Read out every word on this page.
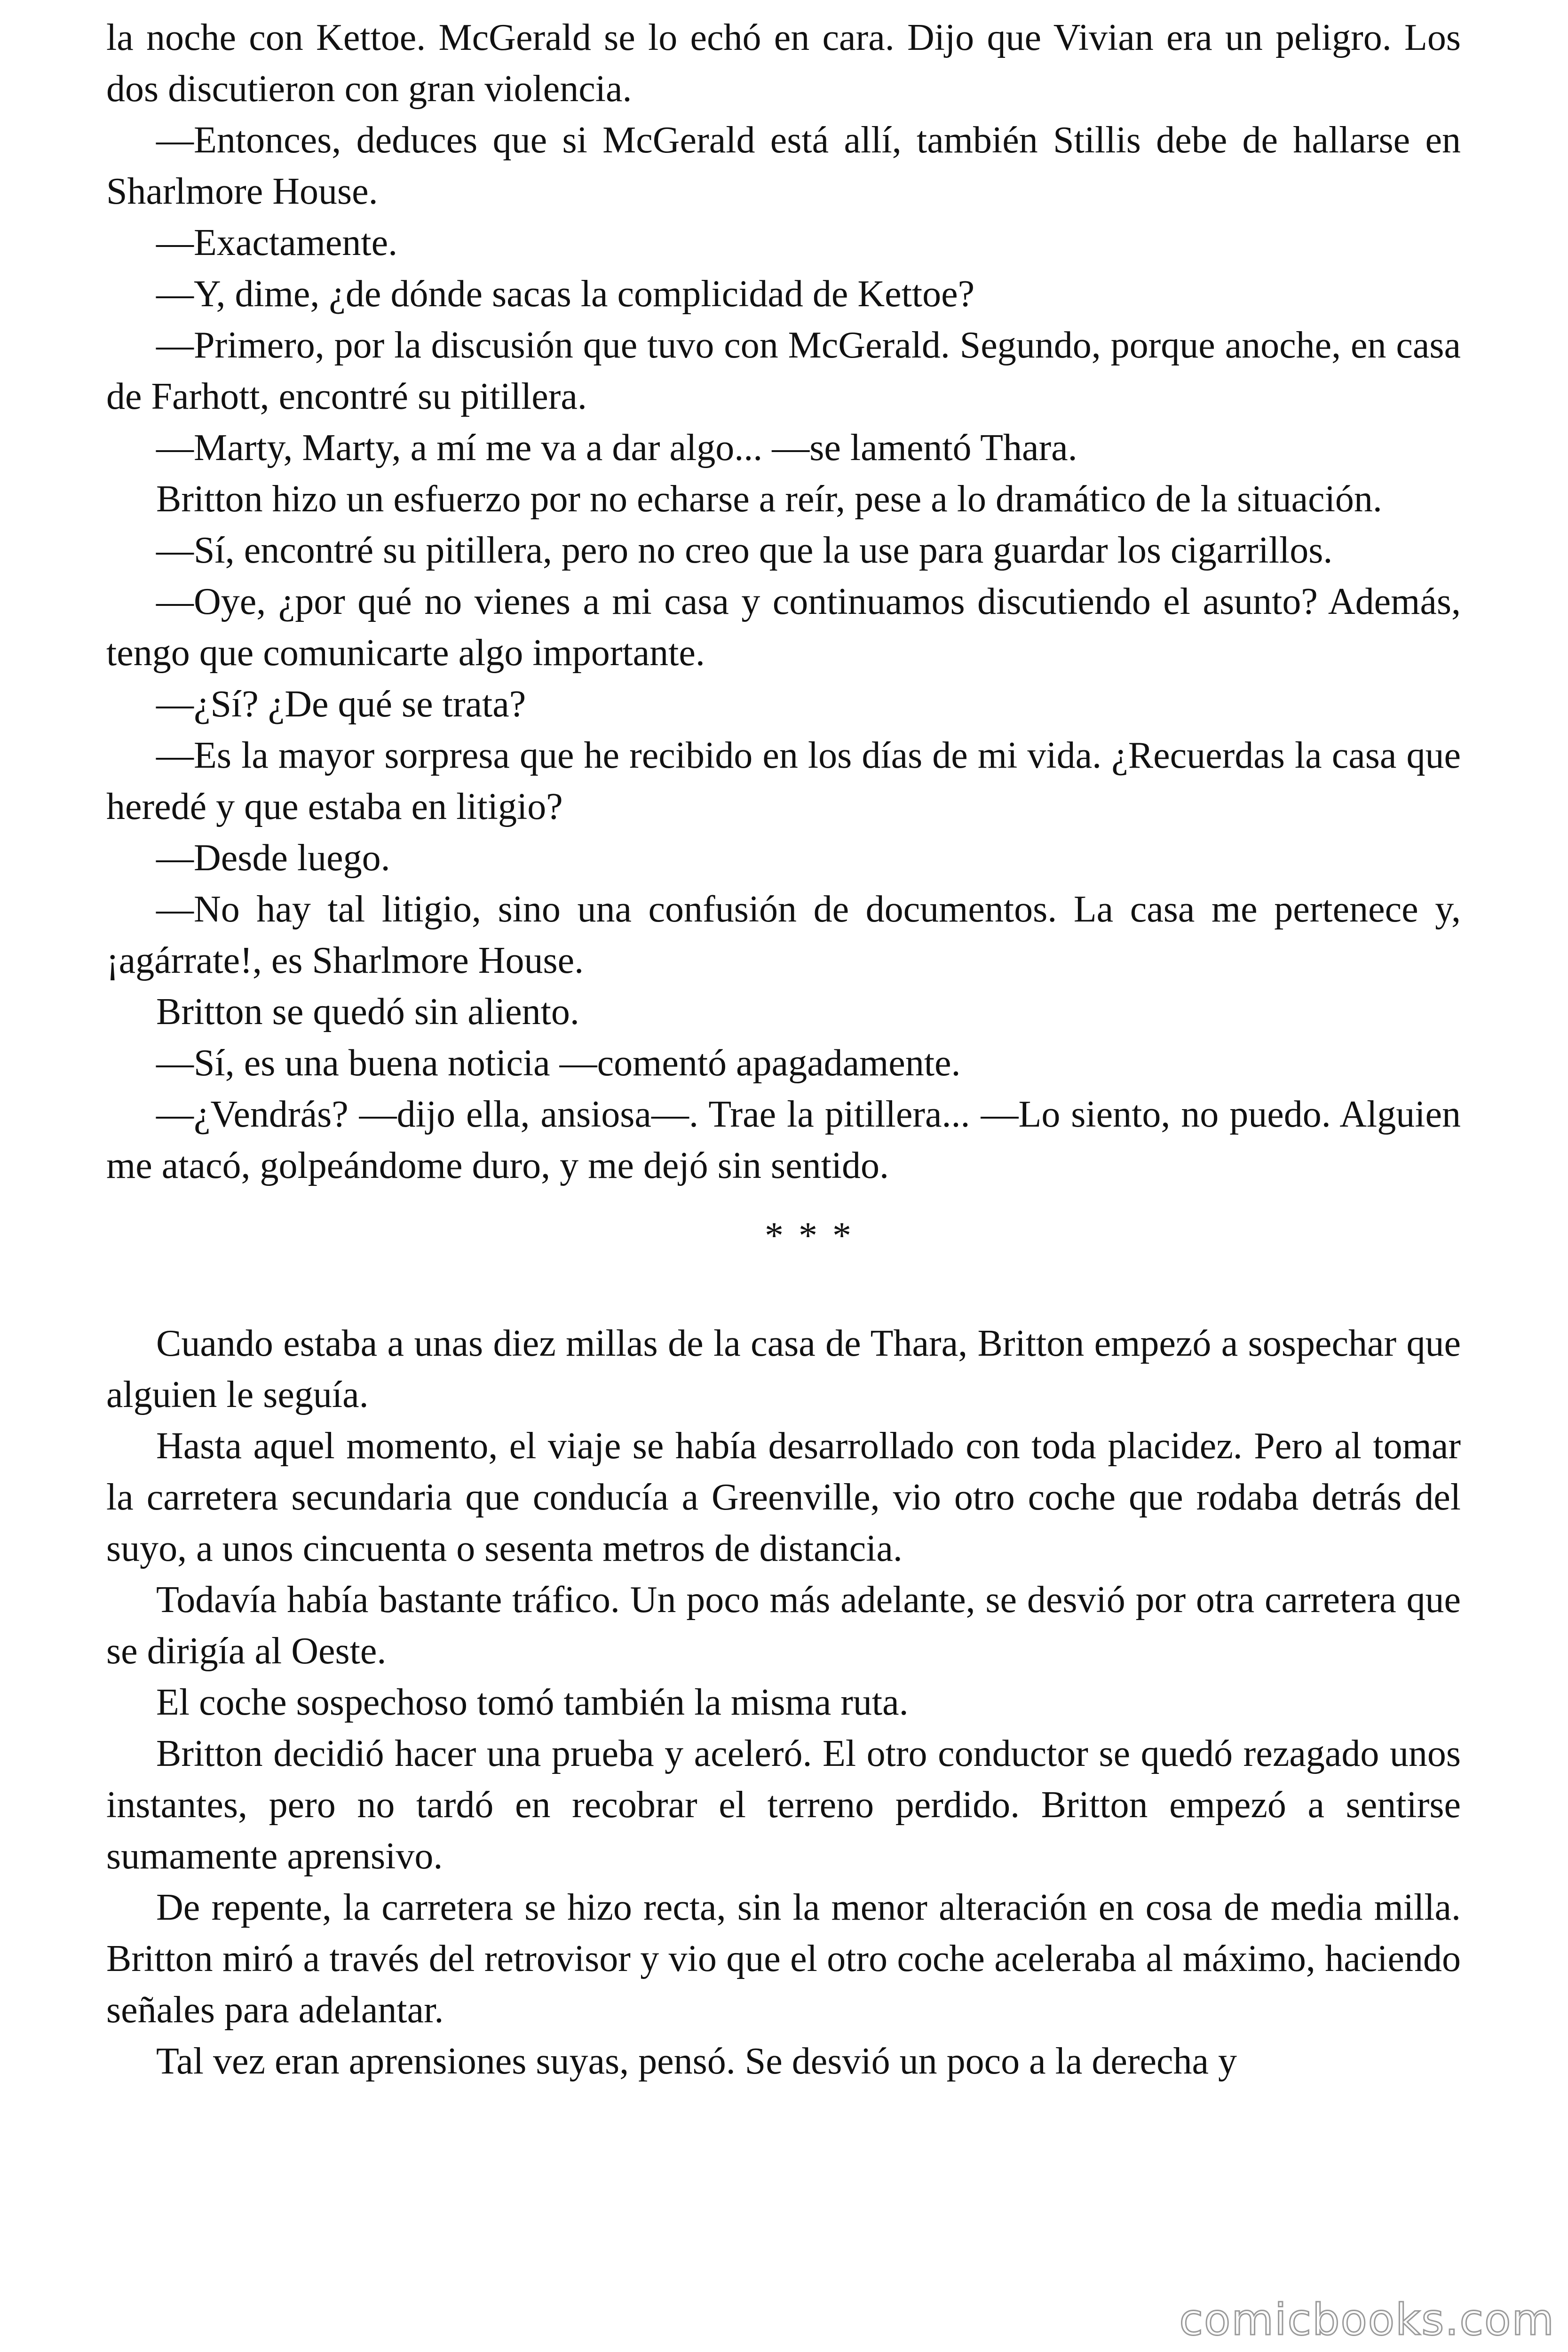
la noche con Kettoe. McGerald se lo echó en cara. Dijo que Vivian era un peligro. Los dos discutieron con gran violencia.

—Entonces, deduces que si McGerald está allí, también Stillis debe de hallarse en Sharlmore House.

—Exactamente.

—Y, dime, ¿de dónde sacas la complicidad de Kettoe?

—Primero, por la discusión que tuvo con McGerald. Segundo, porque anoche, en casa de Farhott, encontré su pitillera.

—Marty, Marty, a mí me va a dar algo... —se lamentó Thara.

Britton hizo un esfuerzo por no echarse a reír, pese a lo dramático de la situación.

—Sí, encontré su pitillera, pero no creo que la use para guardar los cigarrillos.

—Oye, ¿por qué no vienes a mi casa y continuamos discutiendo el asunto? Además, tengo que comunicarte algo importante.

—¿Sí? ¿De qué se trata?

—Es la mayor sorpresa que he recibido en los días de mi vida. ¿Recuerdas la casa que heredé y que estaba en litigio?

—Desde luego.

—No hay tal litigio, sino una confusión de documentos. La casa me pertenece y, ¡agárrate!, es Sharlmore House.

Britton se quedó sin aliento.

—Sí, es una buena noticia —comentó apagadamente.

—¿Vendrás? —dijo ella, ansiosa—. Trae la pitillera... —Lo siento, no puedo. Alguien me atacó, golpeándome duro, y me dejó sin sentido.

* * *

Cuando estaba a unas diez millas de la casa de Thara, Britton empezó a sospechar que alguien le seguía.

Hasta aquel momento, el viaje se había desarrollado con toda placidez. Pero al tomar la carretera secundaria que conducía a Greenville, vio otro coche que rodaba detrás del suyo, a unos cincuenta o sesenta metros de distancia.

Todavía había bastante tráfico. Un poco más adelante, se desvió por otra carretera que se dirigía al Oeste.

El coche sospechoso tomó también la misma ruta.

Britton decidió hacer una prueba y aceleró. El otro conductor se quedó rezagado unos instantes, pero no tardó en recobrar el terreno perdido. Britton empezó a sentirse sumamente aprensivo.

De repente, la carretera se hizo recta, sin la menor alteración en cosa de media milla. Britton miró a través del retrovisor y vio que el otro coche aceleraba al máximo, haciendo señales para adelantar.

Tal vez eran aprensiones suyas, pensó. Se desvió un poco a la derecha y

comicbooks.com
